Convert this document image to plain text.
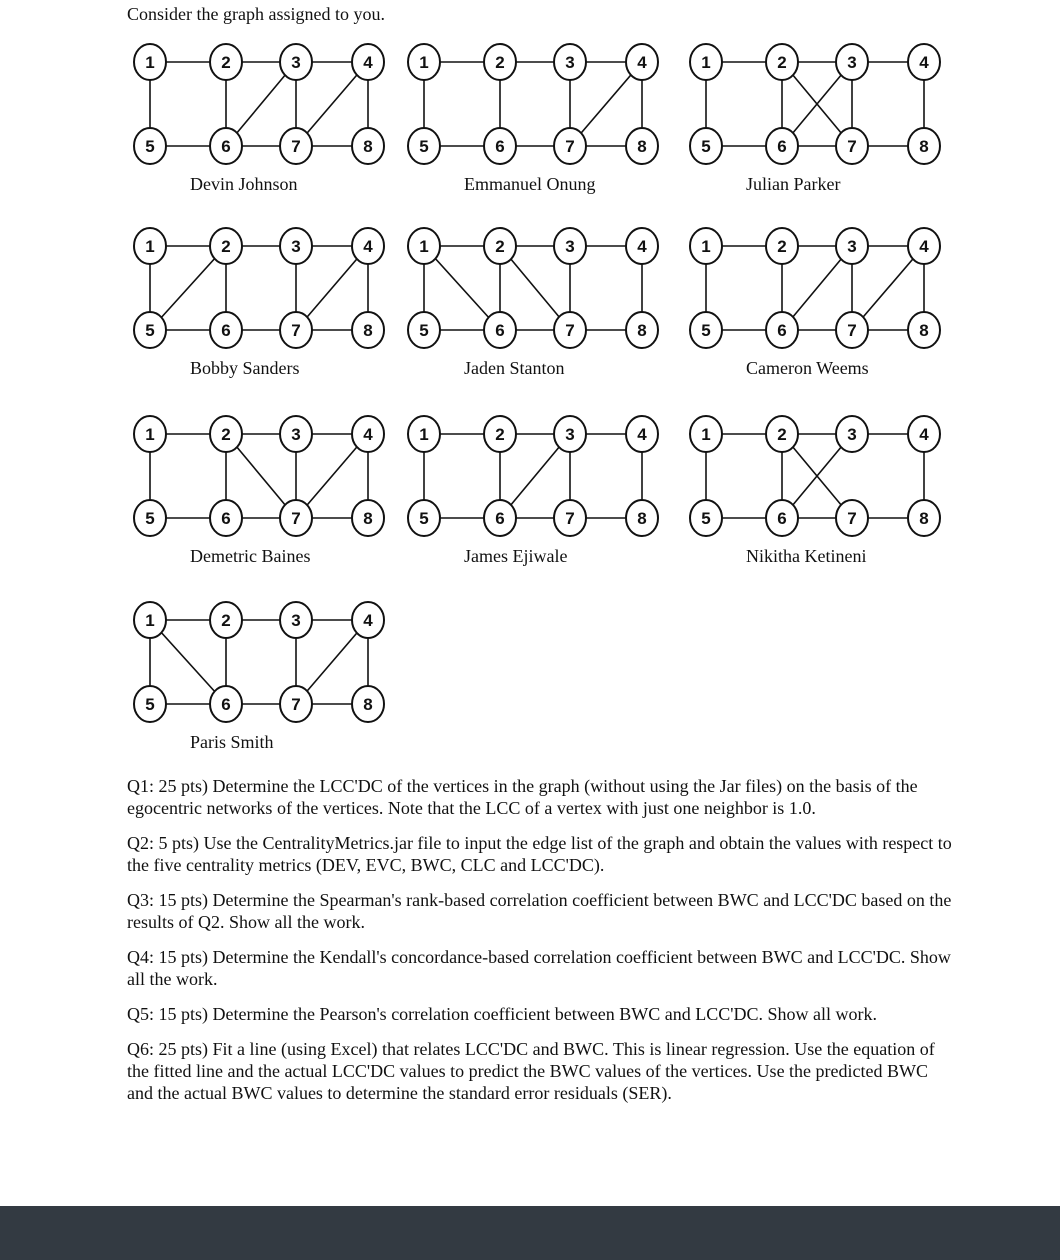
Consider the graph assigned to you.
1	2	3	4
5	6	7	8
Devin Johnson
1	2	3	4
5	6	7	8
Emmanuel Onung
1	2	3	4
5	6	7	8
Julian Parker
1	2	3	4
5	6	7	8
Bobby Sanders
1	2	3	4
5	6	7	8
Jaden Stanton
1	2	3	4
5	6	7	8
Cameron Weems
1	2	3	4
5	6	7	8
Demetric Baines
1	2	3	4
5	6	7	8
James Ejiwale
1	2	3	4
5	6	7	8
Nikitha Ketineni
1	2	3	4
5	6	7	8
Paris Smith

Q1: 25 pts) Determine the LCC'DC of the vertices in the graph (without using the Jar files) on the basis of the egocentric networks of the vertices. Note that the LCC of a vertex with just one neighbor is 1.0.

Q2: 5 pts) Use the CentralityMetrics.jar file to input the edge list of the graph and obtain the values with respect to the five centrality metrics (DEV, EVC, BWC, CLC and LCC'DC).

Q3: 15 pts) Determine the Spearman's rank-based correlation coefficient between BWC and LCC'DC based on the results of Q2. Show all the work.

Q4: 15 pts) Determine the Kendall's concordance-based correlation coefficient between BWC and LCC'DC. Show all the work.

Q5: 15 pts) Determine the Pearson's correlation coefficient between BWC and LCC'DC. Show all work.

Q6: 25 pts) Fit a line (using Excel) that relates LCC'DC and BWC. This is linear regression. Use the equation of the fitted line and the actual LCC'DC values to predict the BWC values of the vertices. Use the predicted BWC and the actual BWC values to determine the standard error residuals (SER).
